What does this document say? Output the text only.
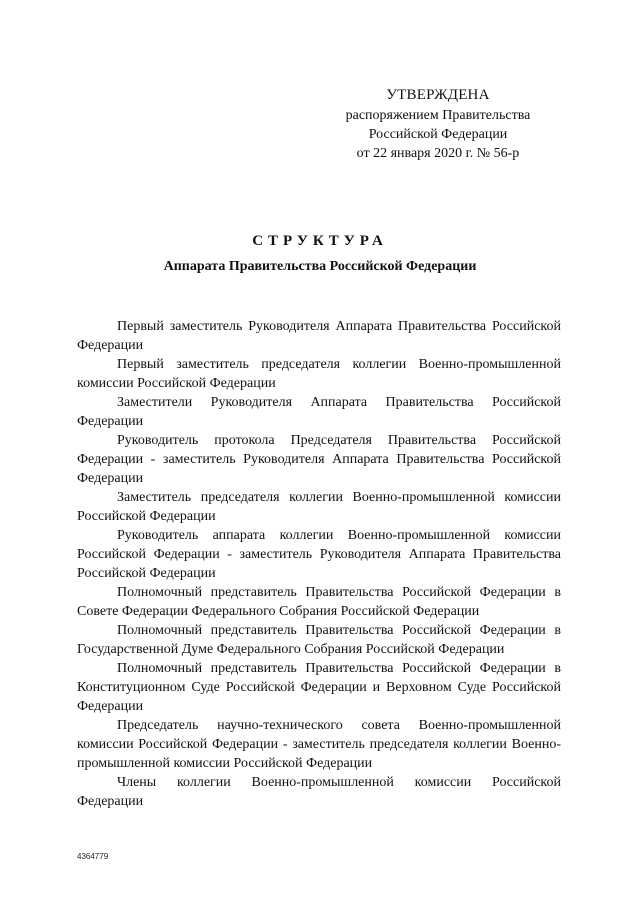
УТВЕРЖДЕНА
распоряжением Правительства
Российской Федерации
от 22 января 2020 г. № 56-р
СТРУКТУРА
Аппарата Правительства Российской Федерации

Первый заместитель Руководителя Аппарата Правительства Российской Федерации

Первый заместитель председателя коллегии Военно-промышленной комиссии Российской Федерации

Заместители Руководителя Аппарата Правительства Российской Федерации

Руководитель протокола Председателя Правительства Российской Федерации - заместитель Руководителя Аппарата Правительства Российской Федерации

Заместитель председателя коллегии Военно-промышленной комиссии Российской Федерации

Руководитель аппарата коллегии Военно-промышленной комиссии Российской Федерации - заместитель Руководителя Аппарата Правительства Российской Федерации

Полномочный представитель Правительства Российской Федерации в Совете Федерации Федерального Собрания Российской Федерации

Полномочный представитель Правительства Российской Федерации в Государственной Думе Федерального Собрания Российской Федерации

Полномочный представитель Правительства Российской Федерации в Конституционном Суде Российской Федерации и Верховном Суде Российской Федерации

Председатель научно-технического совета Военно-промышленной комиссии Российской Федерации - заместитель председателя коллегии Военно-промышленной комиссии Российской Федерации

Члены коллегии Военно-промышленной комиссии Российской Федерации

4364779
